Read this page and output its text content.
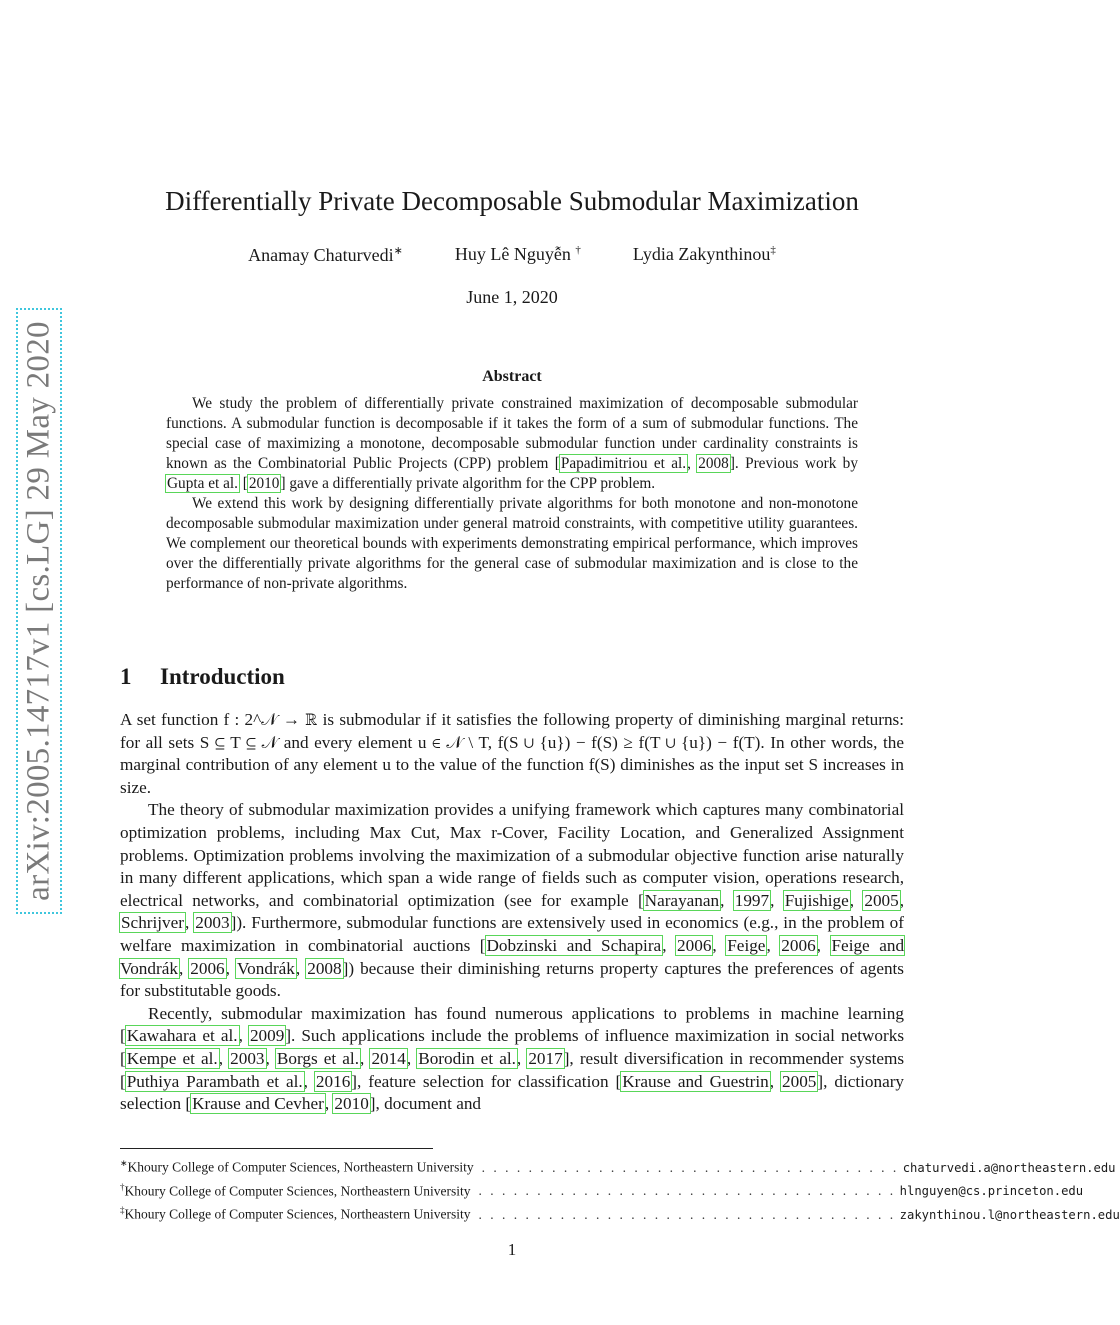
arXiv:2005.14717v1 [cs.LG] 29 May 2020
Differentially Private Decomposable Submodular Maximization
Anamay Chaturvedi∗	Huy Lê Nguyễn †	Lydia Zakynthinou‡
June 1, 2020
Abstract

We study the problem of differentially private constrained maximization of decomposable submodular functions. A submodular function is decomposable if it takes the form of a sum of submodular functions. The special case of maximizing a monotone, decomposable submodular function under cardinality constraints is known as the Combinatorial Public Projects (CPP) problem [Papadimitriou et al., 2008]. Previous work by Gupta et al. [2010] gave a differentially private algorithm for the CPP problem.

We extend this work by designing differentially private algorithms for both monotone and non-monotone decomposable submodular maximization under general matroid constraints, with competitive utility guarantees. We complement our theoretical bounds with experiments demonstrating empirical performance, which improves over the differentially private algorithms for the general case of submodular maximization and is close to the performance of non-private algorithms.

1 Introduction

A set function f : 2^𝒩 → ℝ is submodular if it satisfies the following property of diminishing marginal returns: for all sets S ⊆ T ⊆ 𝒩 and every element u ∈ 𝒩 \ T, f(S ∪ {u}) − f(S) ≥ f(T ∪ {u}) − f(T). In other words, the marginal contribution of any element u to the value of the function f(S) diminishes as the input set S increases in size.

The theory of submodular maximization provides a unifying framework which captures many combinatorial optimization problems, including Max Cut, Max r-Cover, Facility Location, and Generalized Assignment problems. Optimization problems involving the maximization of a submodular objective function arise naturally in many different applications, which span a wide range of fields such as computer vision, operations research, electrical networks, and combinatorial optimization (see for example [Narayanan, 1997, Fujishige, 2005, Schrijver, 2003]). Furthermore, submodular functions are extensively used in economics (e.g., in the problem of welfare maximization in combinatorial auctions [Dobzinski and Schapira, 2006, Feige, 2006, Feige and Vondrák, 2006, Vondrák, 2008]) because their diminishing returns property captures the preferences of agents for substitutable goods.

Recently, submodular maximization has found numerous applications to problems in machine learning [Kawahara et al., 2009]. Such applications include the problems of influence maximization in social networks [Kempe et al., 2003, Borgs et al., 2014, Borodin et al., 2017], result diversification in recommender systems [Puthiya Parambath et al., 2016], feature selection for classification [Krause and Guestrin, 2005], dictionary selection [Krause and Cevher, 2010], document and

∗Khoury College of Computer Sciences, Northeastern University . . . . . . . . . . . . . . . . . . . . . . . . . . . . . . . . . . . . chaturvedi.a@northeastern.edu
†Khoury College of Computer Sciences, Northeastern University . . . . . . . . . . . . . . . . . . . . . . . . . . . . . . . . . . . . hlnguyen@cs.princeton.edu
‡Khoury College of Computer Sciences, Northeastern University . . . . . . . . . . . . . . . . . . . . . . . . . . . . . . . . . . . . zakynthinou.l@northeastern.edu
1
